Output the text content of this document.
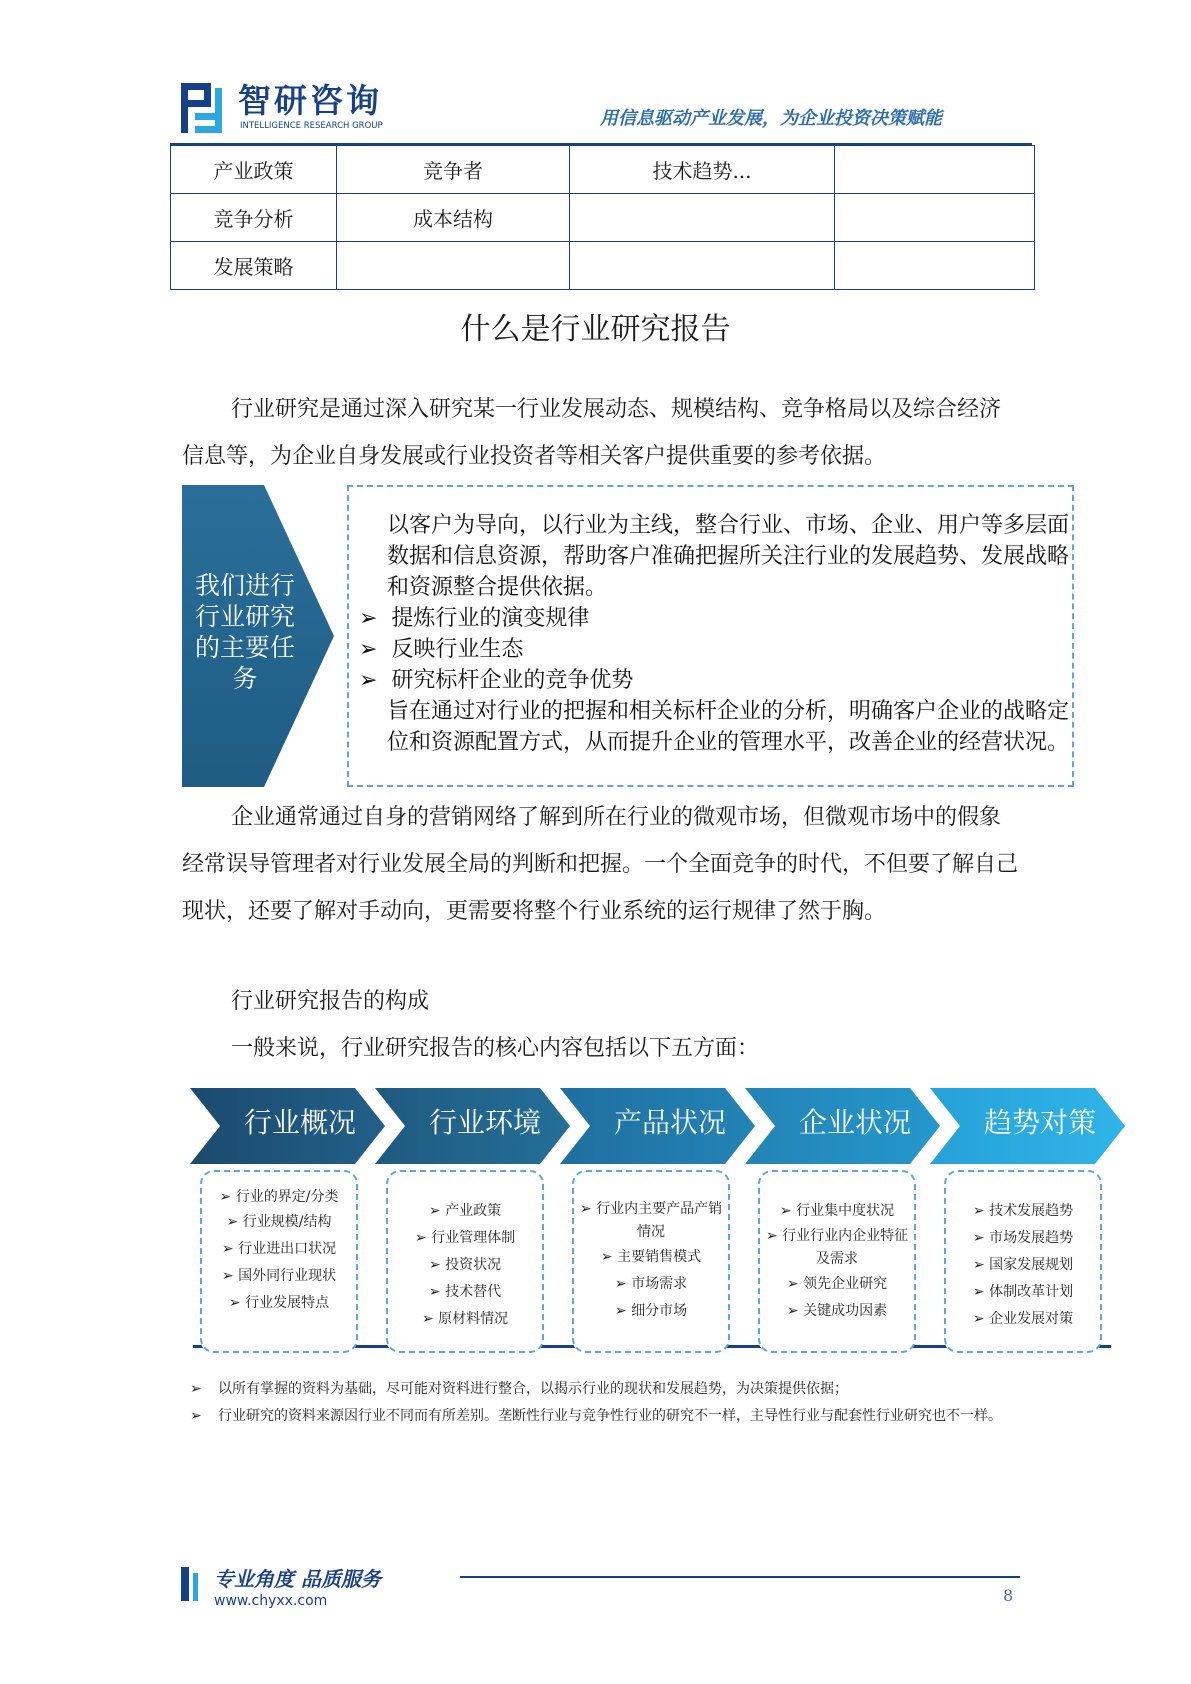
智研咨询
INTELLIGENCE RESEARCH GROUP	用信息驱动产业发展，为企业投资决策赋能
产业政策	竞争者	技术趋势...	
竞争分析	成本结构		
发展策略			
什么是行业研究报告

行业研究是通过深入研究某一行业发展动态、规模结构、竞争格局以及综合经济信息等，为企业自身发展或行业投资者等相关客户提供重要的参考依据。

我们进行行业研究的主要任务
以客户为导向，以行业为主线，整合行业、市场、企业、用户等多层面数据和信息资源，帮助客户准确把握所关注行业的发展趋势、发展战略和资源整合提供依据。
➢  提炼行业的演变规律
➢  反映行业生态
➢  研究标杆企业的竞争优势
旨在通过对行业的把握和相关标杆企业的分析，明确客户企业的战略定位和资源配置方式，从而提升企业的管理水平，改善企业的经营状况。

企业通常通过自身的营销网络了解到所在行业的微观市场，但微观市场中的假象经常误导管理者对行业发展全局的判断和把握。一个全面竞争的时代，不但要了解自己现状，还要了解对手动向，更需要将整个行业系统的运行规律了然于胸。

行业研究报告的构成
一般来说，行业研究报告的核心内容包括以下五方面：
行业概况	行业环境	产品状况	企业状况	趋势对策
➢ 行业的界定/分类
➢ 行业规模/结构
➢ 行业进出口状况
➢ 国外同行业现状
➢ 行业发展特点
➢ 产业政策
➢ 行业管理体制
➢ 投资状况
➢ 技术替代
➢ 原材料情况
➢ 行业内主要产品产销情况
➢ 主要销售模式
➢ 市场需求
➢ 细分市场
➢ 行业集中度状况
➢ 行业行业内企业特征及需求
➢ 领先企业研究
➢ 关键成功因素
➢ 技术发展趋势
➢ 市场发展趋势
➢ 国家发展规划
➢ 体制改革计划
➢ 企业发展对策
➢ 以所有掌握的资料为基础，尽可能对资料进行整合，以揭示行业的现状和发展趋势，为决策提供依据；
➢ 行业研究的资料来源因行业不同而有所差别。垄断性行业与竞争性行业的研究不一样，主导性行业与配套性行业研究也不一样。
专业角度 品质服务
www.chyxx.com	8
